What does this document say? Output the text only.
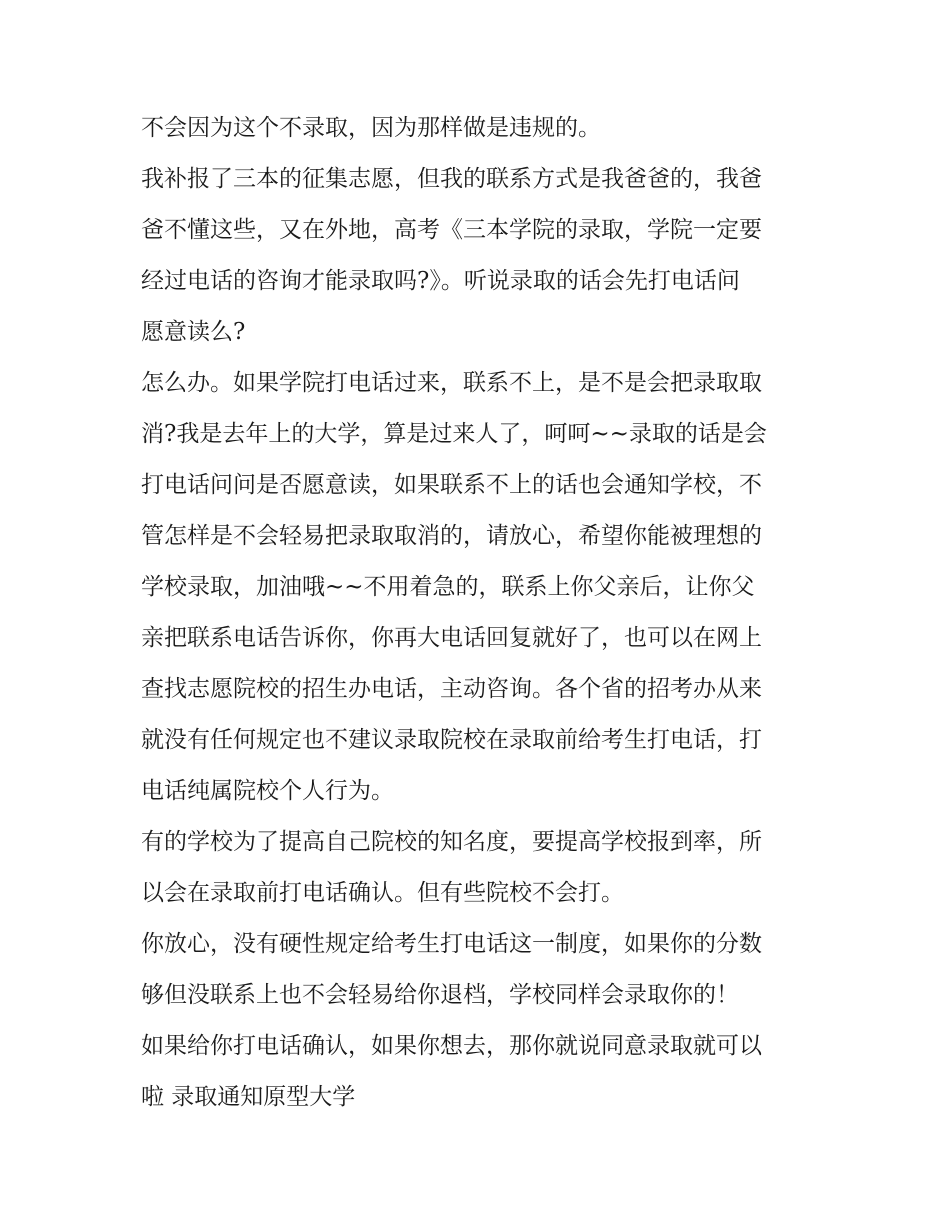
不会因为这个不录取，因为那样做是违规的。
我补报了三本的征集志愿，但我的联系方式是我爸爸的，我爸
爸不懂这些，又在外地，高考《三本学院的录取，学院一定要
经过电话的咨询才能录取吗?》。听说录取的话会先打电话问
愿意读么?
怎么办。如果学院打电话过来，联系不上，是不是会把录取取
消?我是去年上的大学，算是过来人了，呵呵~~录取的话是会
打电话问问是否愿意读，如果联系不上的话也会通知学校，不
管怎样是不会轻易把录取取消的，请放心，希望你能被理想的
学校录取，加油哦~~不用着急的，联系上你父亲后，让你父
亲把联系电话告诉你，你再大电话回复就好了，也可以在网上
查找志愿院校的招生办电话，主动咨询。各个省的招考办从来
就没有任何规定也不建议录取院校在录取前给考生打电话，打
电话纯属院校个人行为。
有的学校为了提高自己院校的知名度，要提高学校报到率，所
以会在录取前打电话确认。但有些院校不会打。
你放心，没有硬性规定给考生打电话这一制度，如果你的分数
够但没联系上也不会轻易给你退档，学校同样会录取你的！
如果给你打电话确认，如果你想去，那你就说同意录取就可以
啦 录取通知原型大学
